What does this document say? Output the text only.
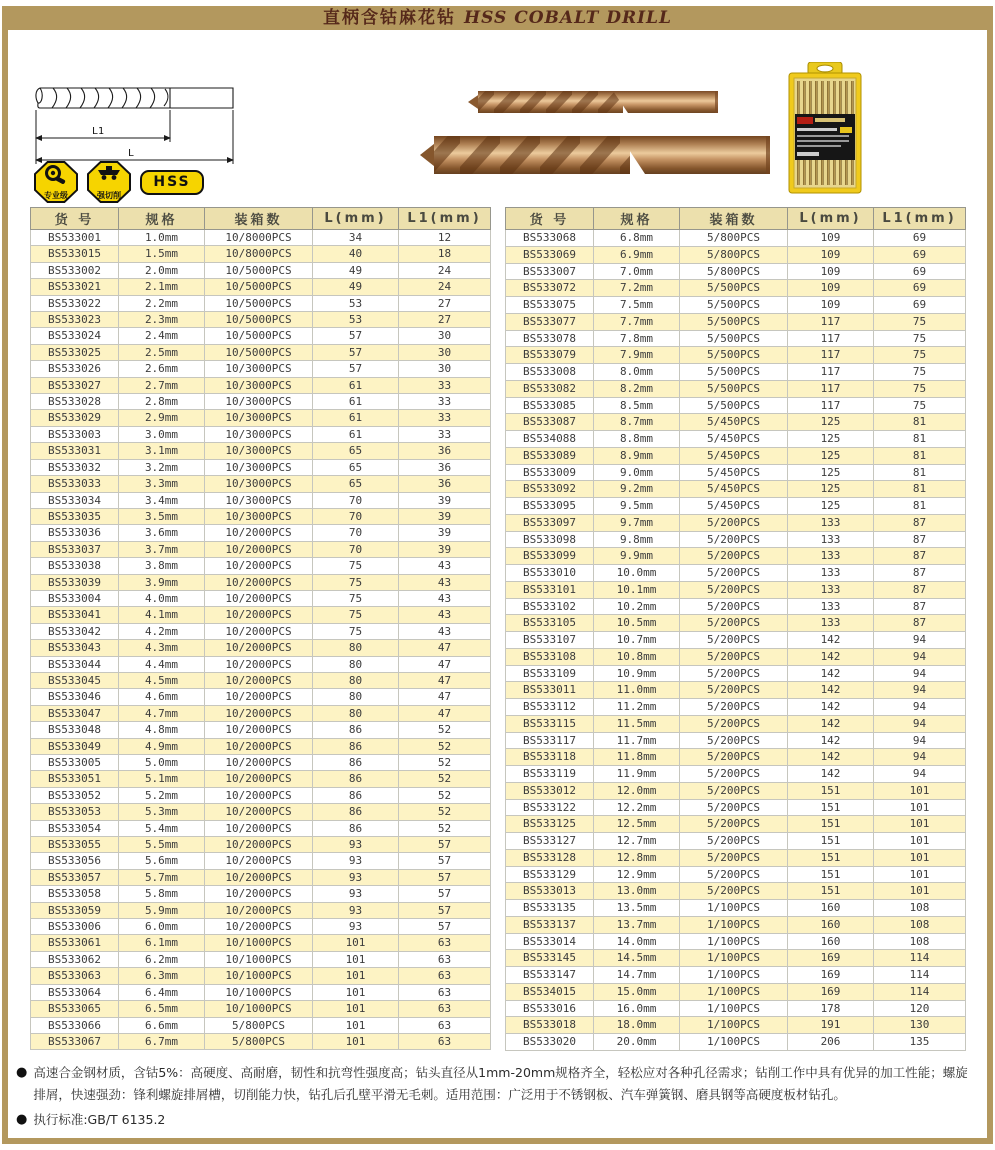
直柄含钴麻花钻 HSS COBALT DRILL
L1
L
专业级	强切削
HSS
货 号	规格	装箱数	L(mm)	L1(mm)
BS533001	1.0mm	10/8000PCS	34	12
BS533015	1.5mm	10/8000PCS	40	18
BS533002	2.0mm	10/5000PCS	49	24
BS533021	2.1mm	10/5000PCS	49	24
BS533022	2.2mm	10/5000PCS	53	27
BS533023	2.3mm	10/5000PCS	53	27
BS533024	2.4mm	10/5000PCS	57	30
BS533025	2.5mm	10/5000PCS	57	30
BS533026	2.6mm	10/3000PCS	57	30
BS533027	2.7mm	10/3000PCS	61	33
BS533028	2.8mm	10/3000PCS	61	33
BS533029	2.9mm	10/3000PCS	61	33
BS533003	3.0mm	10/3000PCS	61	33
BS533031	3.1mm	10/3000PCS	65	36
BS533032	3.2mm	10/3000PCS	65	36
BS533033	3.3mm	10/3000PCS	65	36
BS533034	3.4mm	10/3000PCS	70	39
BS533035	3.5mm	10/3000PCS	70	39
BS533036	3.6mm	10/2000PCS	70	39
BS533037	3.7mm	10/2000PCS	70	39
BS533038	3.8mm	10/2000PCS	75	43
BS533039	3.9mm	10/2000PCS	75	43
BS533004	4.0mm	10/2000PCS	75	43
BS533041	4.1mm	10/2000PCS	75	43
BS533042	4.2mm	10/2000PCS	75	43
BS533043	4.3mm	10/2000PCS	80	47
BS533044	4.4mm	10/2000PCS	80	47
BS533045	4.5mm	10/2000PCS	80	47
BS533046	4.6mm	10/2000PCS	80	47
BS533047	4.7mm	10/2000PCS	80	47
BS533048	4.8mm	10/2000PCS	86	52
BS533049	4.9mm	10/2000PCS	86	52
BS533005	5.0mm	10/2000PCS	86	52
BS533051	5.1mm	10/2000PCS	86	52
BS533052	5.2mm	10/2000PCS	86	52
BS533053	5.3mm	10/2000PCS	86	52
BS533054	5.4mm	10/2000PCS	86	52
BS533055	5.5mm	10/2000PCS	93	57
BS533056	5.6mm	10/2000PCS	93	57
BS533057	5.7mm	10/2000PCS	93	57
BS533058	5.8mm	10/2000PCS	93	57
BS533059	5.9mm	10/2000PCS	93	57
BS533006	6.0mm	10/2000PCS	93	57
BS533061	6.1mm	10/1000PCS	101	63
BS533062	6.2mm	10/1000PCS	101	63
BS533063	6.3mm	10/1000PCS	101	63
BS533064	6.4mm	10/1000PCS	101	63
BS533065	6.5mm	10/1000PCS	101	63
BS533066	6.6mm	5/800PCS	101	63
BS533067	6.7mm	5/800PCS	101	63
货 号	规格	装箱数	L(mm)	L1(mm)
BS533068	6.8mm	5/800PCS	109	69
BS533069	6.9mm	5/800PCS	109	69
BS533007	7.0mm	5/800PCS	109	69
BS533072	7.2mm	5/500PCS	109	69
BS533075	7.5mm	5/500PCS	109	69
BS533077	7.7mm	5/500PCS	117	75
BS533078	7.8mm	5/500PCS	117	75
BS533079	7.9mm	5/500PCS	117	75
BS533008	8.0mm	5/500PCS	117	75
BS533082	8.2mm	5/500PCS	117	75
BS533085	8.5mm	5/500PCS	117	75
BS533087	8.7mm	5/450PCS	125	81
BS534088	8.8mm	5/450PCS	125	81
BS533089	8.9mm	5/450PCS	125	81
BS533009	9.0mm	5/450PCS	125	81
BS533092	9.2mm	5/450PCS	125	81
BS533095	9.5mm	5/450PCS	125	81
BS533097	9.7mm	5/200PCS	133	87
BS533098	9.8mm	5/200PCS	133	87
BS533099	9.9mm	5/200PCS	133	87
BS533010	10.0mm	5/200PCS	133	87
BS533101	10.1mm	5/200PCS	133	87
BS533102	10.2mm	5/200PCS	133	87
BS533105	10.5mm	5/200PCS	133	87
BS533107	10.7mm	5/200PCS	142	94
BS533108	10.8mm	5/200PCS	142	94
BS533109	10.9mm	5/200PCS	142	94
BS533011	11.0mm	5/200PCS	142	94
BS533112	11.2mm	5/200PCS	142	94
BS533115	11.5mm	5/200PCS	142	94
BS533117	11.7mm	5/200PCS	142	94
BS533118	11.8mm	5/200PCS	142	94
BS533119	11.9mm	5/200PCS	142	94
BS533012	12.0mm	5/200PCS	151	101
BS533122	12.2mm	5/200PCS	151	101
BS533125	12.5mm	5/200PCS	151	101
BS533127	12.7mm	5/200PCS	151	101
BS533128	12.8mm	5/200PCS	151	101
BS533129	12.9mm	5/200PCS	151	101
BS533013	13.0mm	5/200PCS	151	101
BS533135	13.5mm	1/100PCS	160	108
BS533137	13.7mm	1/100PCS	160	108
BS533014	14.0mm	1/100PCS	160	108
BS533145	14.5mm	1/100PCS	169	114
BS533147	14.7mm	1/100PCS	169	114
BS534015	15.0mm	1/100PCS	169	114
BS533016	16.0mm	1/100PCS	178	120
BS533018	18.0mm	1/100PCS	191	130
BS533020	20.0mm	1/100PCS	206	135
● 高速合金钢材质，含钴5%：高硬度、高耐磨，韧性和抗弯性强度高；钻头直径从1mm-20mm规格齐全，轻松应对各种孔径需求；钻削工作中具有优异的加工性能；螺旋排屑，快速强劲：锋利螺旋排屑槽，切削能力快，钻孔后孔壁平滑无毛刺。适用范围：广泛用于不锈钢板、汽车弹簧钢、磨具钢等高硬度板材钻孔。
● 执行标准:GB/T 6135.2
